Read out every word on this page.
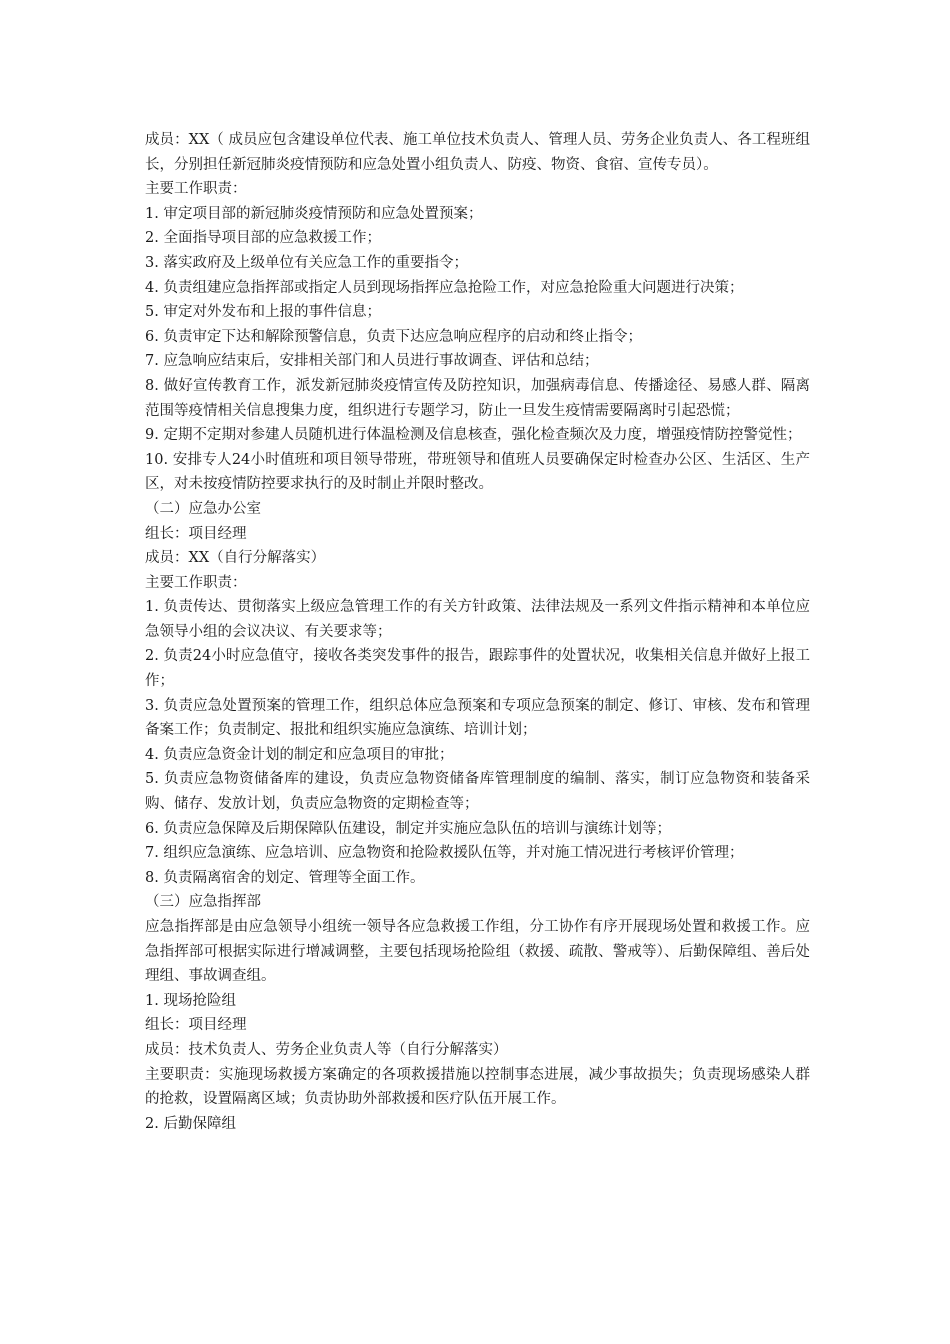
成员：XX（ 成员应包含建设单位代表、施工单位技术负责人、管理人员、劳务企业负责人、各工程班组长，分别担任新冠肺炎疫情预防和应急处置小组负责人、防疫、物资、食宿、宣传专员）。

主要工作职责：

1. 审定项目部的新冠肺炎疫情预防和应急处置预案；

2. 全面指导项目部的应急救援工作；

3. 落实政府及上级单位有关应急工作的重要指令；

4. 负责组建应急指挥部或指定人员到现场指挥应急抢险工作，对应急抢险重大问题进行决策；

5. 审定对外发布和上报的事件信息；

6. 负责审定下达和解除预警信息，负责下达应急响应程序的启动和终止指令；

7. 应急响应结束后，安排相关部门和人员进行事故调查、评估和总结；

8. 做好宣传教育工作，派发新冠肺炎疫情宣传及防控知识，加强病毒信息、传播途径、易感人群、隔离范围等疫情相关信息搜集力度，组织进行专题学习，防止一旦发生疫情需要隔离时引起恐慌；

9. 定期不定期对参建人员随机进行体温检测及信息核查，强化检查频次及力度，增强疫情防控警觉性；

10. 安排专人24小时值班和项目领导带班，带班领导和值班人员要确保定时检查办公区、生活区、生产区，对未按疫情防控要求执行的及时制止并限时整改。

（二）应急办公室

组长：项目经理

成员：XX（自行分解落实）

主要工作职责：

1. 负责传达、贯彻落实上级应急管理工作的有关方针政策、法律法规及一系列文件指示精神和本单位应急领导小组的会议决议、有关要求等；

2. 负责24小时应急值守，接收各类突发事件的报告，跟踪事件的处置状况，收集相关信息并做好上报工作；

3. 负责应急处置预案的管理工作，组织总体应急预案和专项应急预案的制定、修订、审核、发布和管理备案工作；负责制定、报批和组织实施应急演练、培训计划；

4. 负责应急资金计划的制定和应急项目的审批；

5. 负责应急物资储备库的建设，负责应急物资储备库管理制度的编制、落实，制订应急物资和装备采购、储存、发放计划，负责应急物资的定期检查等；

6. 负责应急保障及后期保障队伍建设，制定并实施应急队伍的培训与演练计划等；

7. 组织应急演练、应急培训、应急物资和抢险救援队伍等，并对施工情况进行考核评价管理；

8. 负责隔离宿舍的划定、管理等全面工作。

（三）应急指挥部

应急指挥部是由应急领导小组统一领导各应急救援工作组，分工协作有序开展现场处置和救援工作。应急指挥部可根据实际进行增减调整，主要包括现场抢险组（救援、疏散、警戒等）、后勤保障组、善后处理组、事故调查组。

1. 现场抢险组

组长：项目经理

成员：技术负责人、劳务企业负责人等（自行分解落实）

主要职责：实施现场救援方案确定的各项救援措施以控制事态进展，减少事故损失；负责现场感染人群的抢救，设置隔离区域；负责协助外部救援和医疗队伍开展工作。

2. 后勤保障组
